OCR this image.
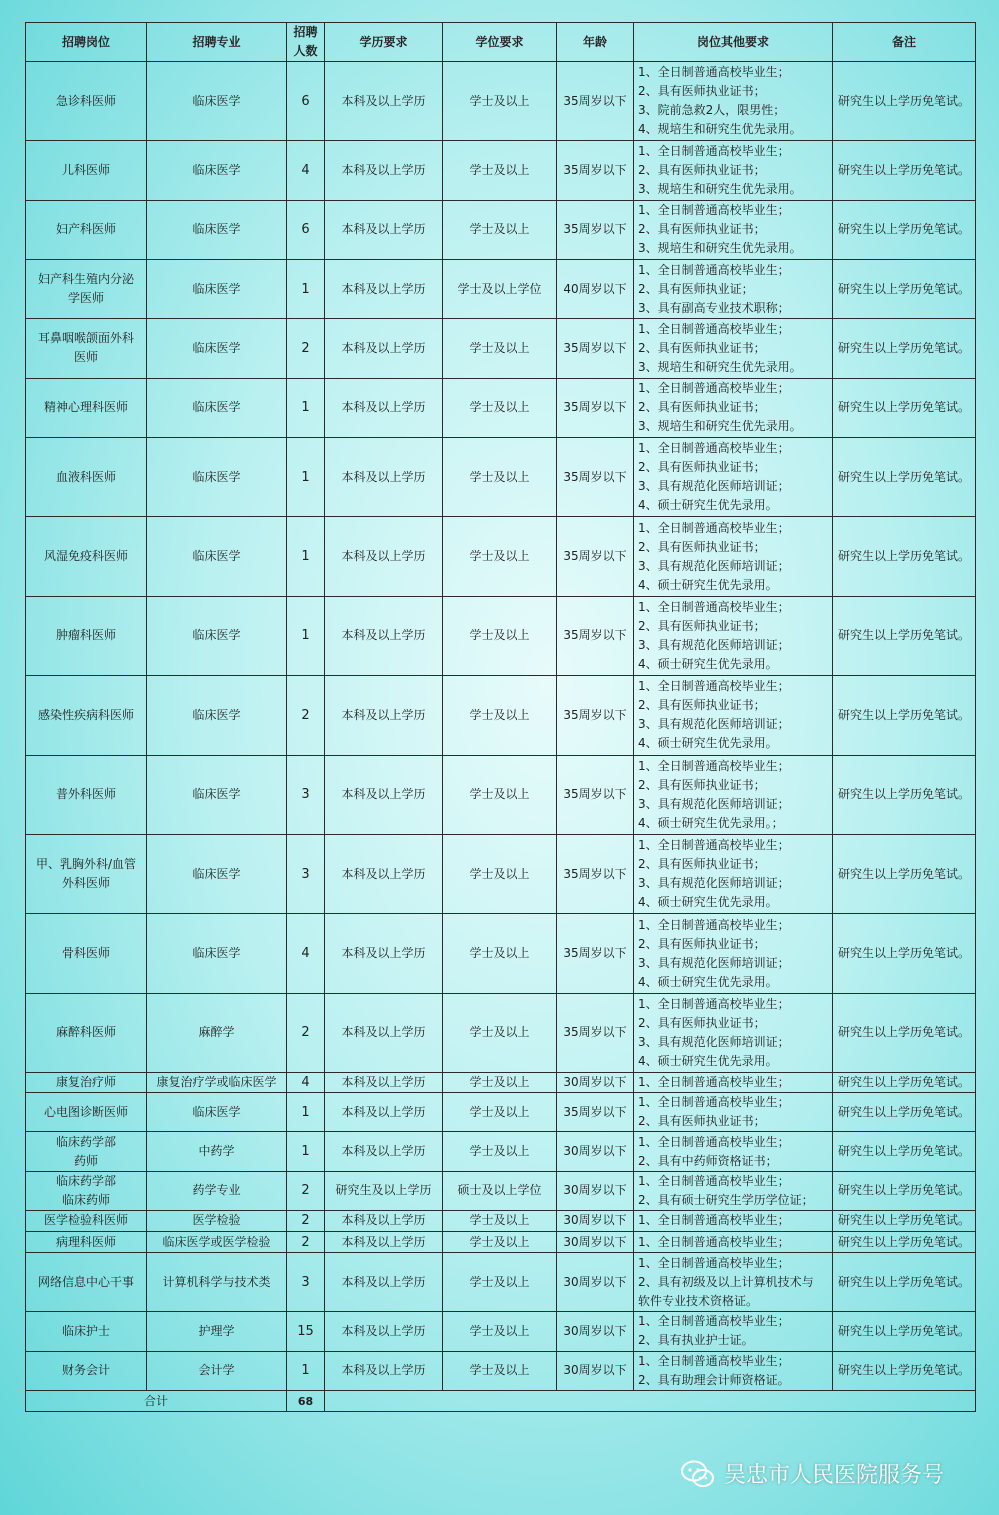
招聘岗位	招聘专业	招聘
人数	学历要求	学位要求	年龄	岗位其他要求	备注

急诊科医师	临床医学	6	本科及以上学历	学士及以上	35周岁以下	1、全日制普通高校毕业生；
2、具有医师执业证书；
3、院前急救2人，限男性；
4、规培生和研究生优先录用。	研究生以上学历免笔试。

儿科医师	临床医学	4	本科及以上学历	学士及以上	35周岁以下	1、全日制普通高校毕业生；
2、具有医师执业证书；
3、规培生和研究生优先录用。	研究生以上学历免笔试。

妇产科医师	临床医学	6	本科及以上学历	学士及以上	35周岁以下	1、全日制普通高校毕业生；
2、具有医师执业证书；
3、规培生和研究生优先录用。	研究生以上学历免笔试。

妇产科生殖内分泌
学医师	临床医学	1	本科及以上学历	学士及以上学位	40周岁以下	1、全日制普通高校毕业生；
2、具有医师执业证；
3、具有副高专业技术职称；	研究生以上学历免笔试。

耳鼻咽喉颌面外科
医师	临床医学	2	本科及以上学历	学士及以上	35周岁以下	1、全日制普通高校毕业生；
2、具有医师执业证书；
3、规培生和研究生优先录用。	研究生以上学历免笔试。

精神心理科医师	临床医学	1	本科及以上学历	学士及以上	35周岁以下	1、全日制普通高校毕业生；
2、具有医师执业证书；
3、规培生和研究生优先录用。	研究生以上学历免笔试。

血液科医师	临床医学	1	本科及以上学历	学士及以上	35周岁以下	1、全日制普通高校毕业生；
2、具有医师执业证书；
3、具有规范化医师培训证；
4、硕士研究生优先录用。	研究生以上学历免笔试。

风湿免疫科医师	临床医学	1	本科及以上学历	学士及以上	35周岁以下	1、全日制普通高校毕业生；
2、具有医师执业证书；
3、具有规范化医师培训证；
4、硕士研究生优先录用。	研究生以上学历免笔试。

肿瘤科医师	临床医学	1	本科及以上学历	学士及以上	35周岁以下	1、全日制普通高校毕业生；
2、具有医师执业证书；
3、具有规范化医师培训证；
4、硕士研究生优先录用。	研究生以上学历免笔试。

感染性疾病科医师	临床医学	2	本科及以上学历	学士及以上	35周岁以下	1、全日制普通高校毕业生；
2、具有医师执业证书；
3、具有规范化医师培训证；
4、硕士研究生优先录用。	研究生以上学历免笔试。

普外科医师	临床医学	3	本科及以上学历	学士及以上	35周岁以下	1、全日制普通高校毕业生；
2、具有医师执业证书；
3、具有规范化医师培训证；
4、硕士研究生优先录用。；	研究生以上学历免笔试。

甲、乳胸外科/血管
外科医师	临床医学	3	本科及以上学历	学士及以上	35周岁以下	1、全日制普通高校毕业生；
2、具有医师执业证书；
3、具有规范化医师培训证；
4、硕士研究生优先录用。	研究生以上学历免笔试。

骨科医师	临床医学	4	本科及以上学历	学士及以上	35周岁以下	1、全日制普通高校毕业生；
2、具有医师执业证书；
3、具有规范化医师培训证；
4、硕士研究生优先录用。	研究生以上学历免笔试。

麻醉科医师	麻醉学	2	本科及以上学历	学士及以上	35周岁以下	1、全日制普通高校毕业生；
2、具有医师执业证书；
3、具有规范化医师培训证；
4、硕士研究生优先录用。	研究生以上学历免笔试。

康复治疗师	康复治疗学或临床医学	4	本科及以上学历	学士及以上	30周岁以下	1、全日制普通高校毕业生；	研究生以上学历免笔试。

心电图诊断医师	临床医学	1	本科及以上学历	学士及以上	35周岁以下	1、全日制普通高校毕业生；
2、具有医师执业证书；	研究生以上学历免笔试。

临床药学部
药师	中药学	1	本科及以上学历	学士及以上	30周岁以下	1、全日制普通高校毕业生；
2、具有中药师资格证书；	研究生以上学历免笔试。

临床药学部
临床药师	药学专业	2	研究生及以上学历	硕士及以上学位	30周岁以下	1、全日制普通高校毕业生；
2、具有硕士研究生学历学位证；	研究生以上学历免笔试。

医学检验科医师	医学检验	2	本科及以上学历	学士及以上	30周岁以下	1、全日制普通高校毕业生；	研究生以上学历免笔试。

病理科医师	临床医学或医学检验	2	本科及以上学历	学士及以上	30周岁以下	1、全日制普通高校毕业生；	研究生以上学历免笔试。

网络信息中心干事	计算机科学与技术类	3	本科及以上学历	学士及以上	30周岁以下	1、全日制普通高校毕业生；
2、具有初级及以上计算机技术与
软件专业技术资格证。	研究生以上学历免笔试。

临床护士	护理学	15	本科及以上学历	学士及以上	30周岁以下	1、全日制普通高校毕业生；
2、具有执业护士证。	研究生以上学历免笔试。

财务会计	会计学	1	本科及以上学历	学士及以上	30周岁以下	1、全日制普通高校毕业生；
2、具有助理会计师资格证。	研究生以上学历免笔试。
合计		68					
吴忠市人民医院服务号
